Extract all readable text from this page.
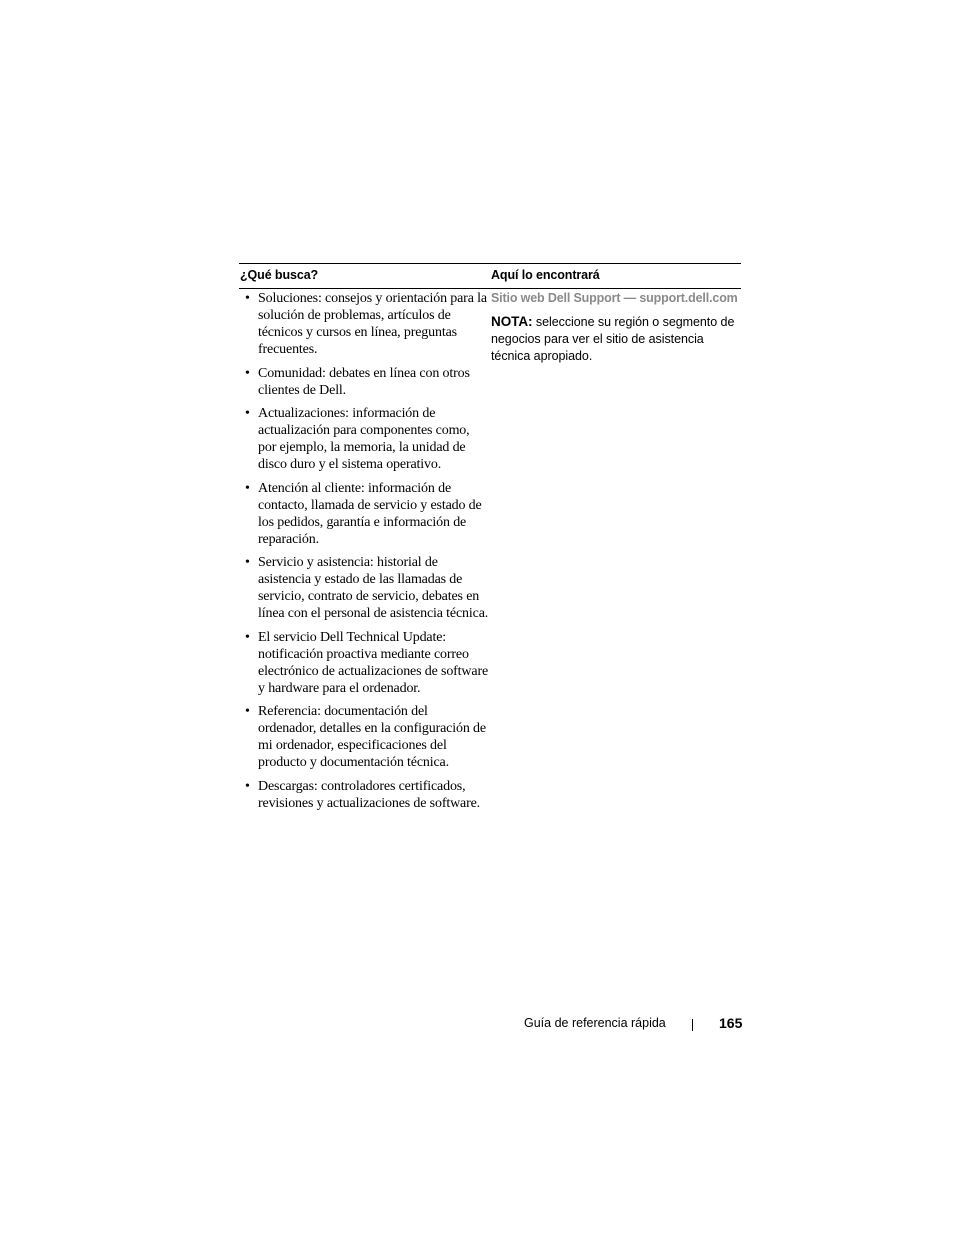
¿Qué busca?	Aquí lo encontrará
• Soluciones: consejos y orientación para la solución de problemas, artículos de técnicos y cursos en línea, preguntas frecuentes.
• Comunidad: debates en línea con otros clientes de Dell.
• Actualizaciones: información de actualización para componentes como, por ejemplo, la memoria, la unidad de disco duro y el sistema operativo.
• Atención al cliente: información de contacto, llamada de servicio y estado de los pedidos, garantía e información de reparación.
• Servicio y asistencia: historial de asistencia y estado de las llamadas de servicio, contrato de servicio, debates en línea con el personal de asistencia técnica.
• El servicio Dell Technical Update: notificación proactiva mediante correo electrónico de actualizaciones de software y hardware para el ordenador.
• Referencia: documentación del ordenador, detalles en la configuración de mi ordenador, especificaciones del producto y documentación técnica.
• Descargas: controladores certificados, revisiones y actualizaciones de software.
Sitio web Dell Support — support.dell.com
NOTA: seleccione su región o segmento de negocios para ver el sitio de asistencia técnica apropiado.
Guía de referencia rápida	165
